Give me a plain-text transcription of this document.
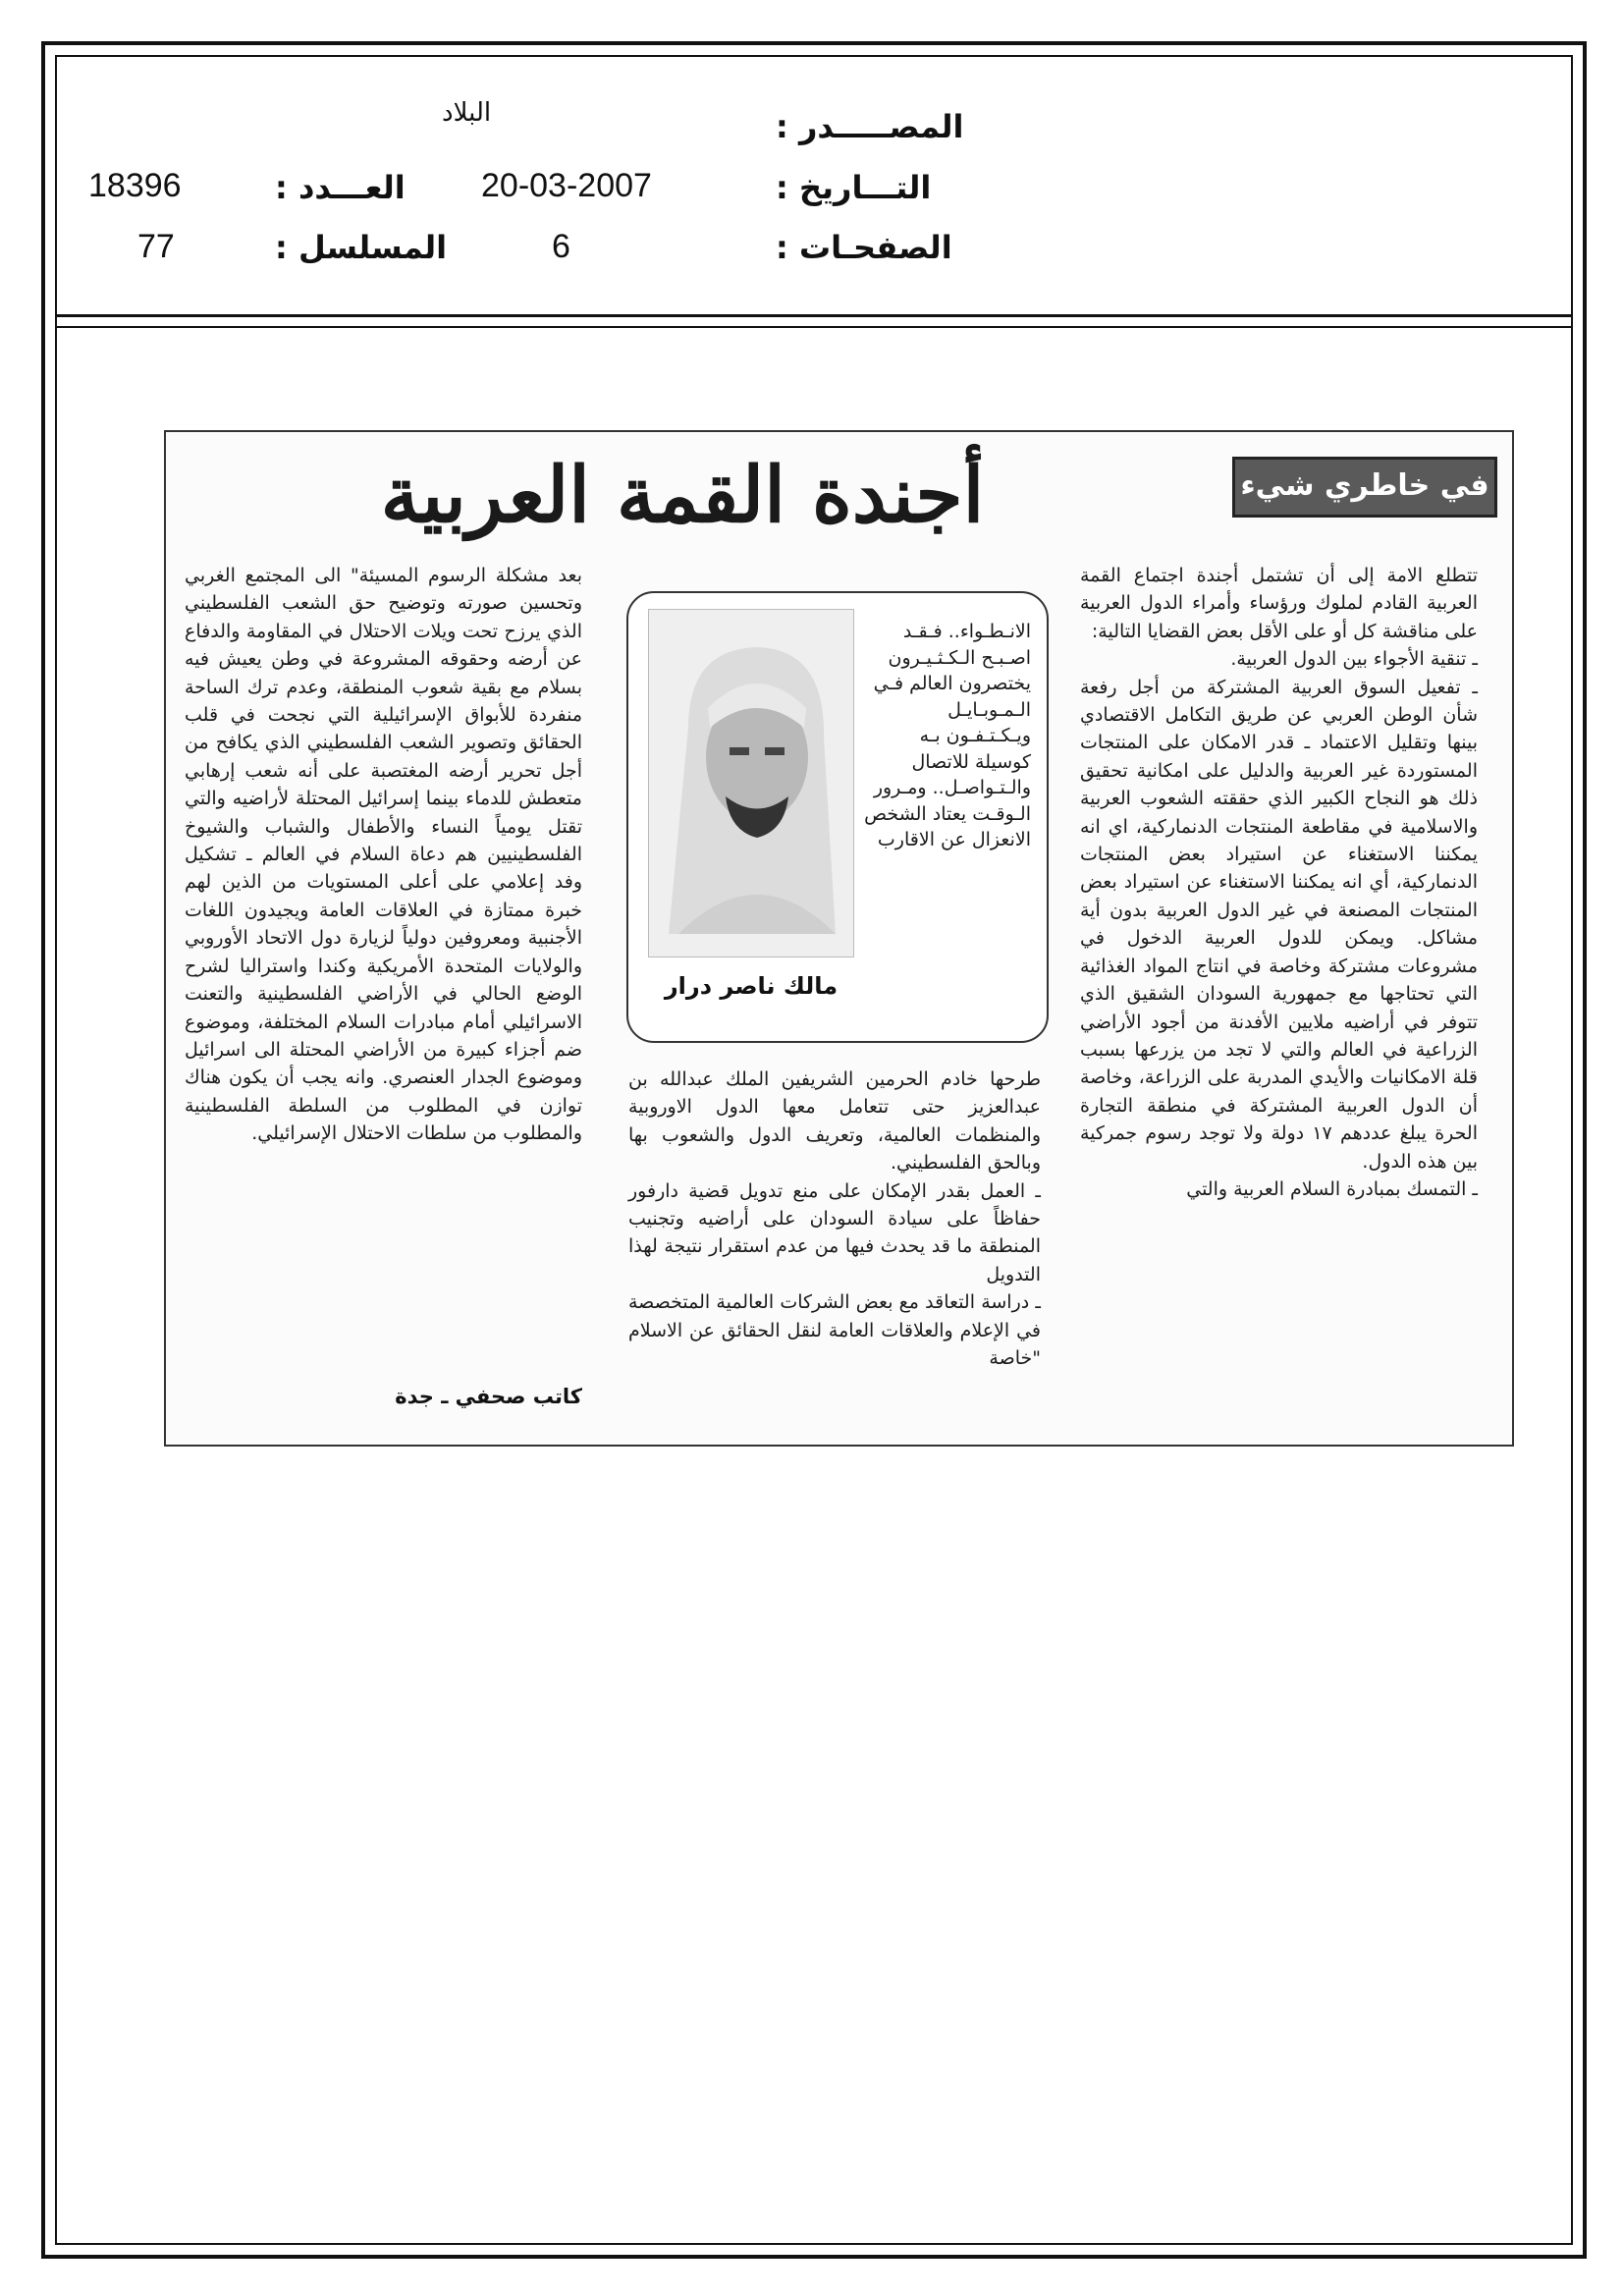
المصـــــدر :
البلاد
التـــاريخ :
20-03-2007
الصفحـات :
6
العـــدد :
18396
المسلسل :
77
في خاطري شيء
أجندة القمة العربية

تتطلع الامة إلى أن تشتمل أجندة اجتماع القمة العربية القادم لملوك ورؤساء وأمراء الدول العربية على مناقشة كل أو على الأقل بعض القضايا التالية:

ـ تنقية الأجواء بين الدول العربية.

ـ تفعيل السوق العربية المشتركة من أجل رفعة شأن الوطن العربي عن طريق التكامل الاقتصادي بينها وتقليل الاعتماد ـ قدر الامكان على المنتجات المستوردة غير العربية والدليل على امكانية تحقيق ذلك هو النجاح الكبير الذي حققته الشعوب العربية والاسلامية في مقاطعة المنتجات الدنماركية، اي انه يمكننا الاستغناء عن استيراد بعض المنتجات الدنماركية، أي انه يمكننا الاستغناء عن استيراد بعض المنتجات المصنعة في غير الدول العربية بدون أية مشاكل. ويمكن للدول العربية الدخول في مشروعات مشتركة وخاصة في انتاج المواد الغذائية التي تحتاجها مع جمهورية السودان الشقيق الذي تتوفر في أراضيه ملايين الأفدنة من أجود الأراضي الزراعية في العالم والتي لا تجد من يزرعها بسبب قلة الامكانيات والأيدي المدربة على الزراعة، وخاصة أن الدول العربية المشتركة في منطقة التجارة الحرة يبلغ عددهم ١٧ دولة ولا توجد رسوم جمركية بين هذه الدول.

ـ التمسك بمبادرة السلام العربية والتي

الانـطـواء.. فـقـد اصـبـح الـكـثـيـرون يختصرون العالم فـي الـمـوبـايـل ويـكـتـفـون بـه كوسيلة للاتصال والـتـواصـل.. ومـرور الـوقـت يعتاد الشخص الانعزال عن الاقارب
مالك ناصر درار

طرحها خادم الحرمين الشريفين الملك عبدالله بن عبدالعزيز حتى تتعامل معها الدول الاوروبية والمنظمات العالمية، وتعريف الدول والشعوب بها وبالحق الفلسطيني.

ـ العمل بقدر الإمكان على منع تدويل قضية دارفور حفاظاً على سيادة السودان على أراضيه وتجنيب المنطقة ما قد يحدث فيها من عدم استقرار نتيجة لهذا التدويل

ـ دراسة التعاقد مع بعض الشركات العالمية المتخصصة في الإعلام والعلاقات العامة لنقل الحقائق عن الاسلام "خاصة

بعد مشكلة الرسوم المسيئة" الى المجتمع الغربي وتحسين صورته وتوضيح حق الشعب الفلسطيني الذي يرزح تحت ويلات الاحتلال في المقاومة والدفاع عن أرضه وحقوقه المشروعة في وطن يعيش فيه بسلام مع بقية شعوب المنطقة، وعدم ترك الساحة منفردة للأبواق الإسرائيلية التي نجحت في قلب الحقائق وتصوير الشعب الفلسطيني الذي يكافح من أجل تحرير أرضه المغتصبة على أنه شعب إرهابي متعطش للدماء بينما إسرائيل المحتلة لأراضيه والتي تقتل يومياً النساء والأطفال والشباب والشيوخ الفلسطينيين هم دعاة السلام في العالم ـ تشكيل وفد إعلامي على أعلى المستويات من الذين لهم خبرة ممتازة في العلاقات العامة ويجيدون اللغات الأجنبية ومعروفين دولياً لزيارة دول الاتحاد الأوروبي والولايات المتحدة الأمريكية وكندا واستراليا لشرح الوضع الحالي في الأراضي الفلسطينية والتعنت الاسرائيلي أمام مبادرات السلام المختلفة، وموضوع ضم أجزاء كبيرة من الأراضي المحتلة الى اسرائيل وموضوع الجدار العنصري. وانه يجب أن يكون هناك توازن في المطلوب من السلطة الفلسطينية والمطلوب من سلطات الاحتلال الإسرائيلي.

كاتب صحفي ـ جدة
